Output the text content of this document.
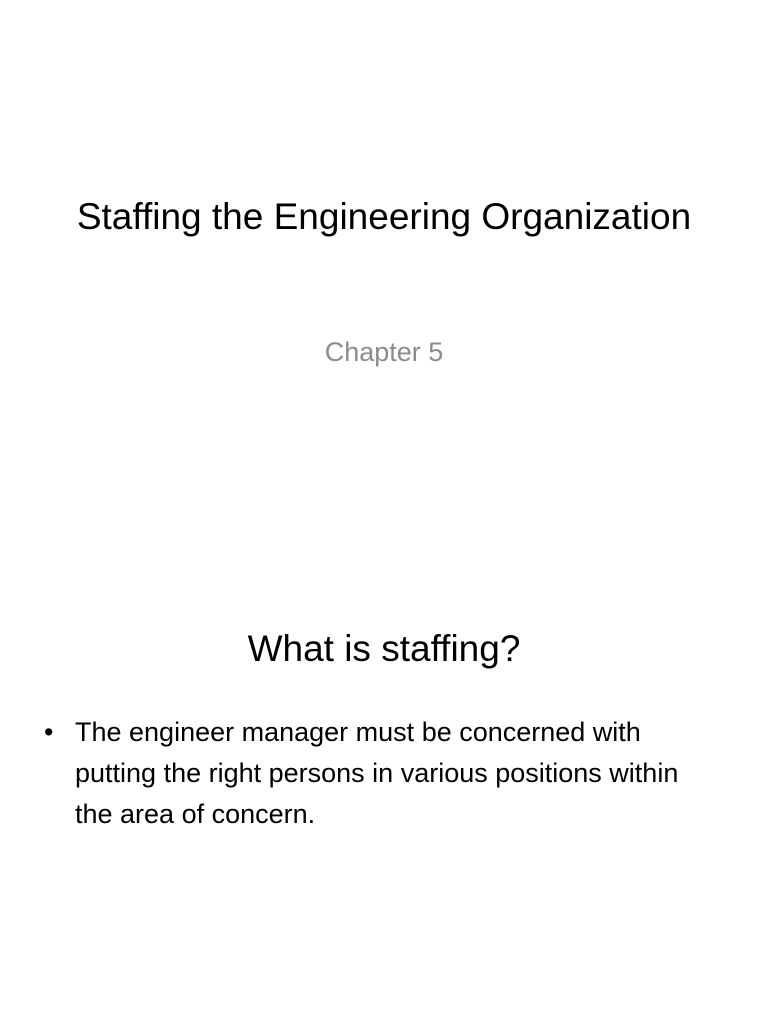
Staffing the Engineering Organization
Chapter 5
What is staffing?
• The engineer manager must be concerned with putting the right persons in various positions within the area of concern.
